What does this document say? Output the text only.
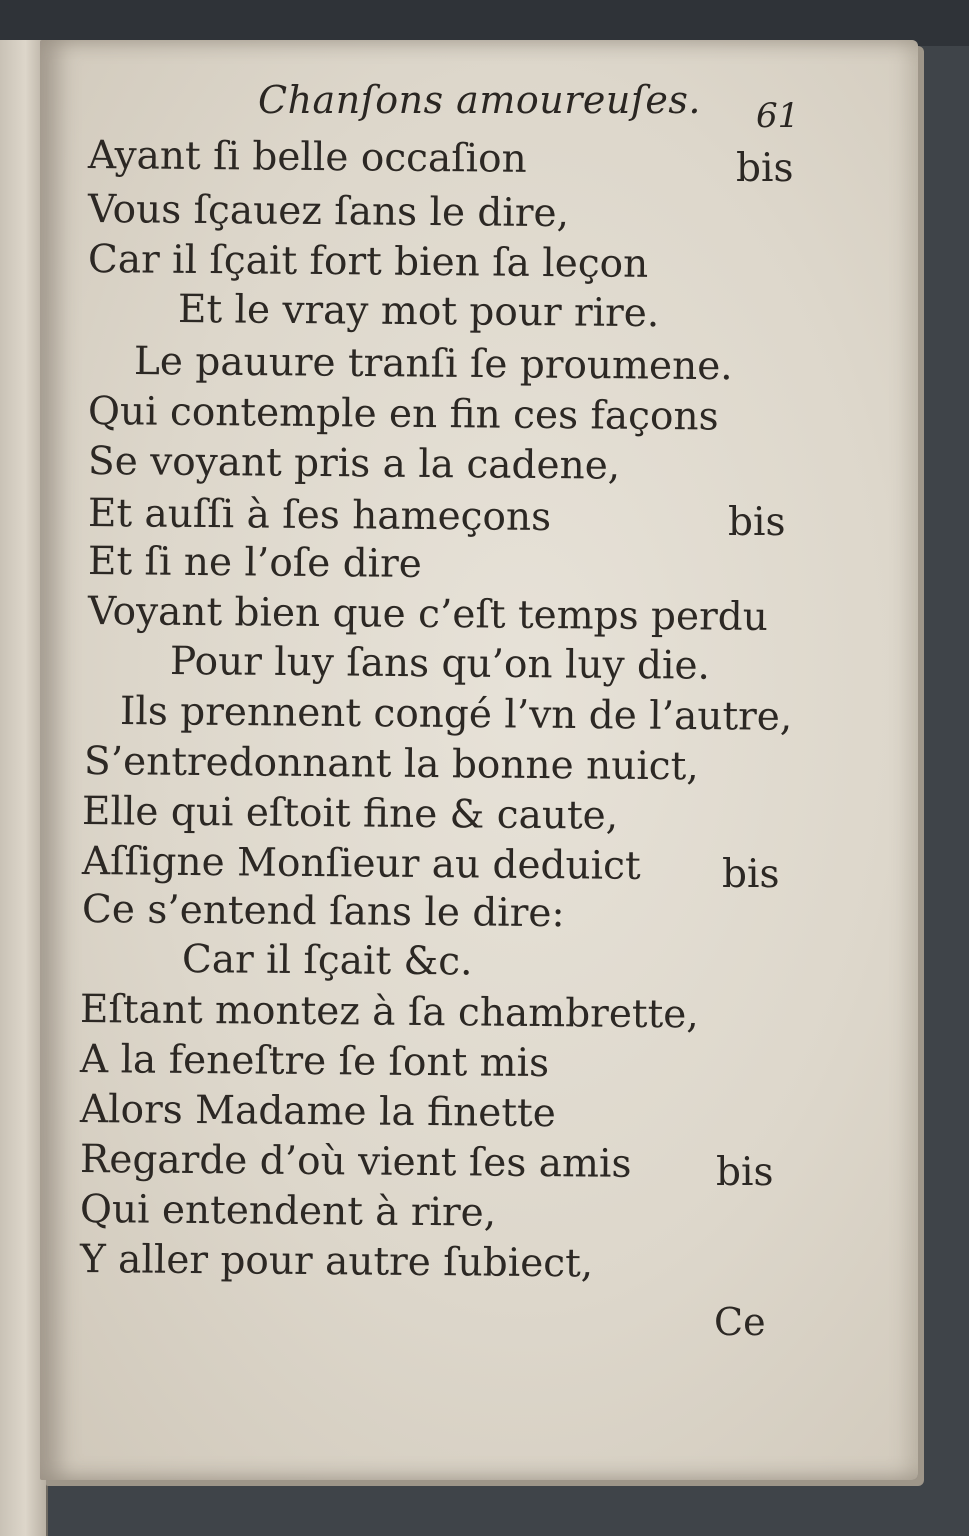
Chanſons amoureuſes. 61
Ayant ſi belle occaſion
Vous ſçauez ſans le dire,
Car il ſçait fort bien ſa leçon
Et le vray mot pour rire.
Le pauure tranſi ſe proumene.
Qui contemple en fin ces façons
Se voyant pris a la cadene,
Et auſſi à ſes hameçons
Et ſi ne l’oſe dire
Voyant bien que c’eſt temps perdu
Pour luy ſans qu’on luy die.
Ils prennent congé l’vn de l’autre,
S’entredonnant la bonne nuict,
Elle qui eſtoit fine & caute,
Aſſigne Monſieur au deduict
Ce s’entend ſans le dire:
Car il ſçait &c.
Eſtant montez à ſa chambrette,
A la feneſtre ſe ſont mis
Alors Madame la finette
Regarde d’où vient ſes amis
Qui entendent à rire,
Y aller pour autre ſubiect,
bis
bis
bis
bis
Ce
